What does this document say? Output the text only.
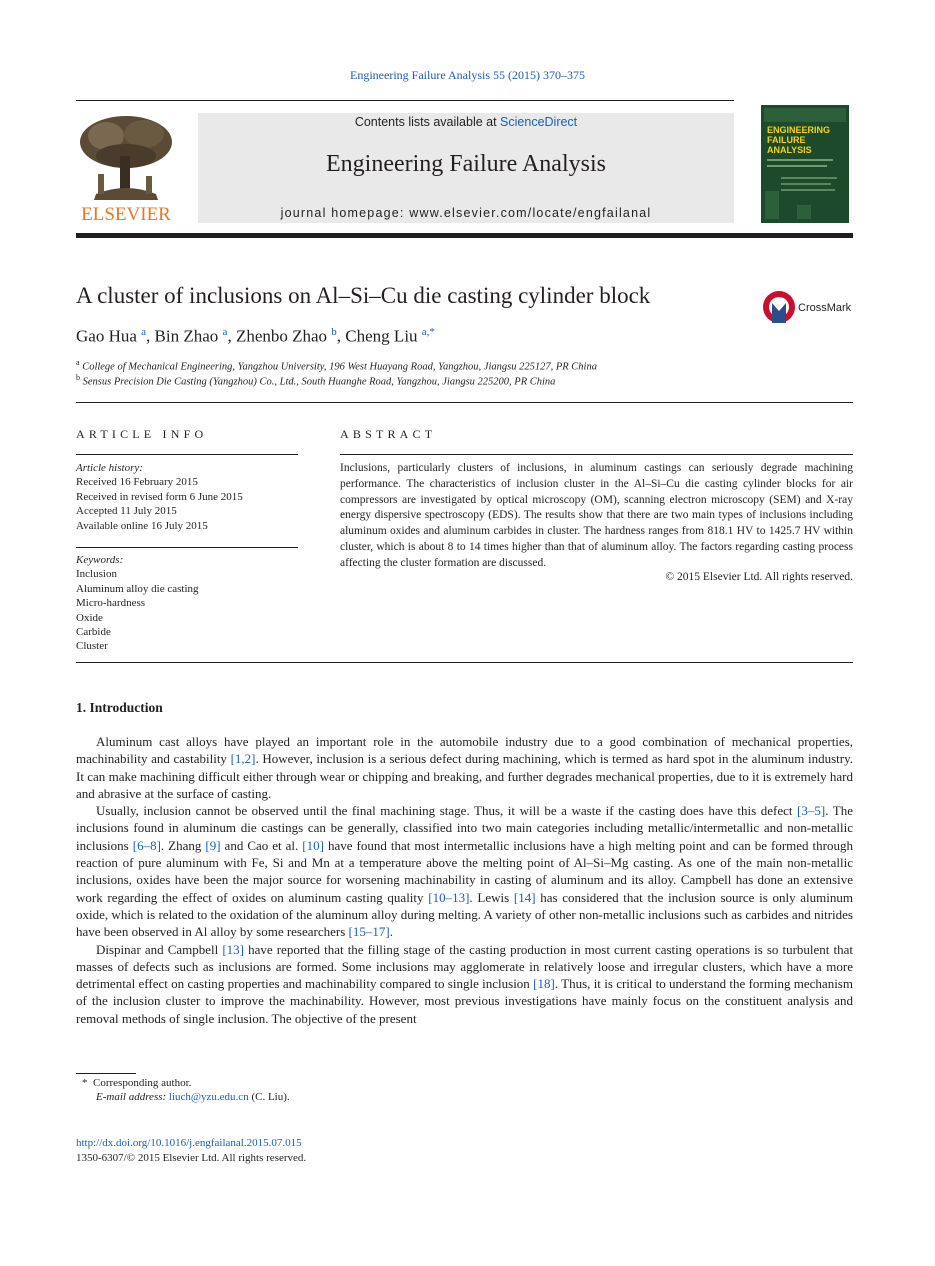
Engineering Failure Analysis 55 (2015) 370–375
ELSEVIER
Contents lists available at ScienceDirect
Engineering Failure Analysis
journal homepage: www.elsevier.com/locate/engfailanal
ENGINEERING
FAILURE
ANALYSIS
A cluster of inclusions on Al–Si–Cu die casting cylinder block	CrossMark
Gao Hua $^a$, Bin Zhao $^a$, Zhenbo Zhao $^b$, Cheng Liu $^{a,*}$
$^a$ College of Mechanical Engineering, Yangzhou University, 196 West Huayang Road, Yangzhou, Jiangsu 225127, PR China
$^b$ Sensus Precision Die Casting (Yangzhou) Co., Ltd., South Huanghe Road, Yangzhou, Jiangsu 225200, PR China
ARTICLE INFO	ABSTRACT
Article history:
Received 16 February 2015
Received in revised form 6 June 2015
Accepted 11 July 2015
Available online 16 July 2015
Keywords:
Inclusion
Aluminum alloy die casting
Micro-hardness
Oxide
Carbide
Cluster
Inclusions, particularly clusters of inclusions, in aluminum castings can seriously degrade machining performance. The characteristics of inclusion cluster in the Al–Si–Cu die casting cylinder blocks for air compressors are investigated by optical microscopy (OM), scanning electron microscopy (SEM) and X-ray energy dispersive spectroscopy (EDS). The results show that there are two main types of inclusions including aluminum oxides and aluminum carbides in cluster. The hardness ranges from 818.1 HV to 1425.7 HV within cluster, which is about 8 to 14 times higher than that of aluminum alloy. The factors regarding casting process affecting the cluster formation are discussed.
© 2015 Elsevier Ltd. All rights reserved.
1. Introduction

Aluminum cast alloys have played an important role in the automobile industry due to a good combination of mechanical properties, machinability and castability [1,2]. However, inclusion is a serious defect during machining, which is termed as hard spot in the aluminum industry. It can make machining difficult either through wear or chipping and breaking, and further degrades mechanical properties, due to it is extremely hard and abrasive at the surface of casting.

Usually, inclusion cannot be observed until the final machining stage. Thus, it will be a waste if the casting does have this defect [3–5]. The inclusions found in aluminum die castings can be generally, classified into two main categories including metallic/intermetallic and non-metallic inclusions [6–8]. Zhang [9] and Cao et al. [10] have found that most intermetallic inclusions have a high melting point and can be formed through reaction of pure aluminum with Fe, Si and Mn at a temperature above the melting point of Al–Si–Mg casting. As one of the main non-metallic inclusions, oxides have been the major source for worsening machinability in casting of aluminum and its alloy. Campbell has done an extensive work regarding the effect of oxides on aluminum casting quality [10–13]. Lewis [14] has considered that the inclusion source is only aluminum oxide, which is related to the oxidation of the aluminum alloy during melting. A variety of other non-metallic inclusions such as carbides and nitrides have been observed in Al alloy by some researchers [15–17].

Dispinar and Campbell [13] have reported that the filling stage of the casting production in most current casting operations is so turbulent that masses of defects such as inclusions are formed. Some inclusions may agglomerate in relatively loose and irregular clusters, which have a more detrimental effect on casting properties and machinability compared to single inclusion [18]. Thus, it is critical to understand the forming mechanism of the inclusion cluster to improve the machinability. However, most previous investigations have mainly focus on the constituent analysis and removal methods of single inclusion. The objective of the present

* Corresponding author.
E-mail address: liuch@yzu.edu.cn (C. Liu).
http://dx.doi.org/10.1016/j.engfailanal.2015.07.015
1350-6307/© 2015 Elsevier Ltd. All rights reserved.
